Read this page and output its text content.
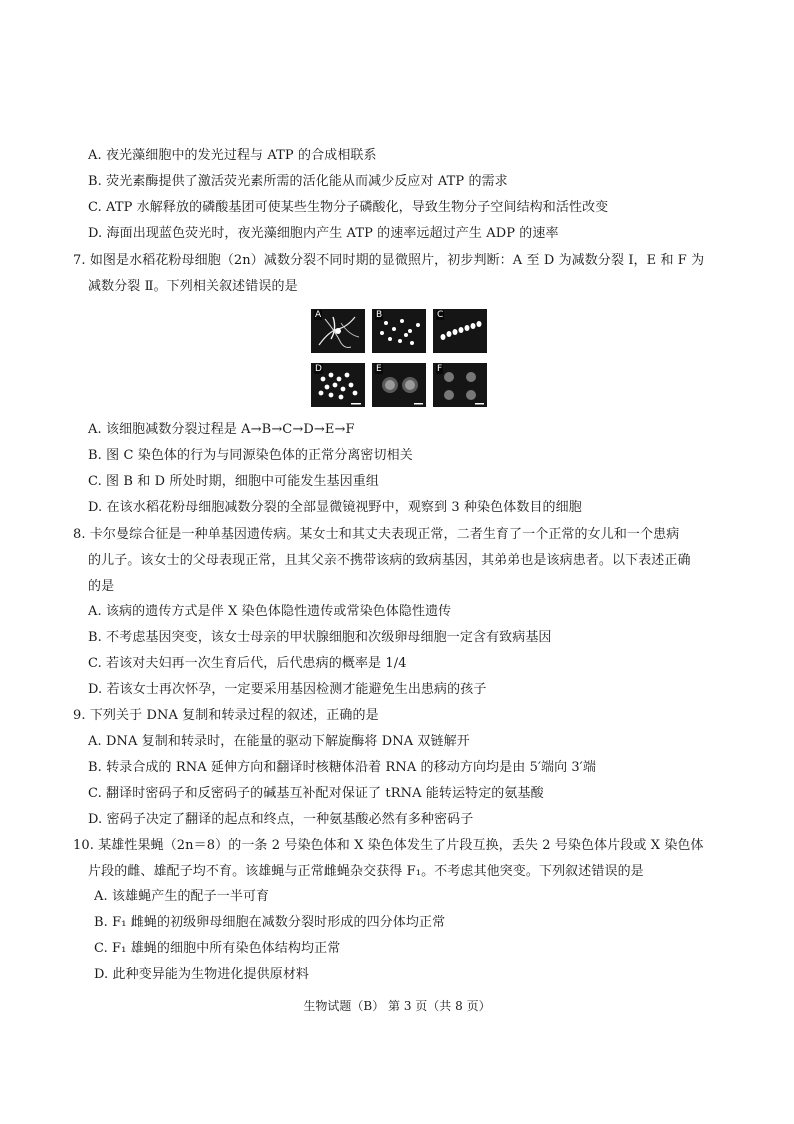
A. 夜光藻细胞中的发光过程与 ATP 的合成相联系
B. 荧光素酶提供了激活荧光素所需的活化能从而减少反应对 ATP 的需求
C. ATP 水解释放的磷酸基团可使某些生物分子磷酸化，导致生物分子空间结构和活性改变
D. 海面出现蓝色荧光时，夜光藻细胞内产生 ATP 的速率远超过产生 ADP 的速率
7. 如图是水稻花粉母细胞（2n）减数分裂不同时期的显微照片，初步判断：A 至 D 为减数分裂 Ⅰ，E 和 F 为
减数分裂 Ⅱ。下列相关叙述错误的是
A	B	C
D	E	F
A. 该细胞减数分裂过程是 A→B→C→D→E→F
B. 图 C 染色体的行为与同源染色体的正常分离密切相关
C. 图 B 和 D 所处时期，细胞中可能发生基因重组
D. 在该水稻花粉母细胞减数分裂的全部显微镜视野中，观察到 3 种染色体数目的细胞
8. 卡尔曼综合征是一种单基因遗传病。某女士和其丈夫表现正常，二者生育了一个正常的女儿和一个患病
的儿子。该女士的父母表现正常，且其父亲不携带该病的致病基因，其弟弟也是该病患者。以下表述正确
的是
A. 该病的遗传方式是伴 X 染色体隐性遗传或常染色体隐性遗传
B. 不考虑基因突变，该女士母亲的甲状腺细胞和次级卵母细胞一定含有致病基因
C. 若该对夫妇再一次生育后代，后代患病的概率是 1/4
D. 若该女士再次怀孕，一定要采用基因检测才能避免生出患病的孩子
9. 下列关于 DNA 复制和转录过程的叙述，正确的是
A. DNA 复制和转录时，在能量的驱动下解旋酶将 DNA 双链解开
B. 转录合成的 RNA 延伸方向和翻译时核糖体沿着 RNA 的移动方向均是由 5′端向 3′端
C. 翻译时密码子和反密码子的碱基互补配对保证了 tRNA 能转运特定的氨基酸
D. 密码子决定了翻译的起点和终点，一种氨基酸必然有多种密码子
10. 某雄性果蝇（2n＝8）的一条 2 号染色体和 X 染色体发生了片段互换，丢失 2 号染色体片段或 X 染色体
片段的雌、雄配子均不育。该雄蝇与正常雌蝇杂交获得 F₁。不考虑其他突变。下列叙述错误的是
A. 该雄蝇产生的配子一半可育
B. F₁ 雌蝇的初级卵母细胞在减数分裂时形成的四分体均正常
C. F₁ 雄蝇的细胞中所有染色体结构均正常
D. 此种变异能为生物进化提供原材料
生物试题（B） 第 3 页（共 8 页）
